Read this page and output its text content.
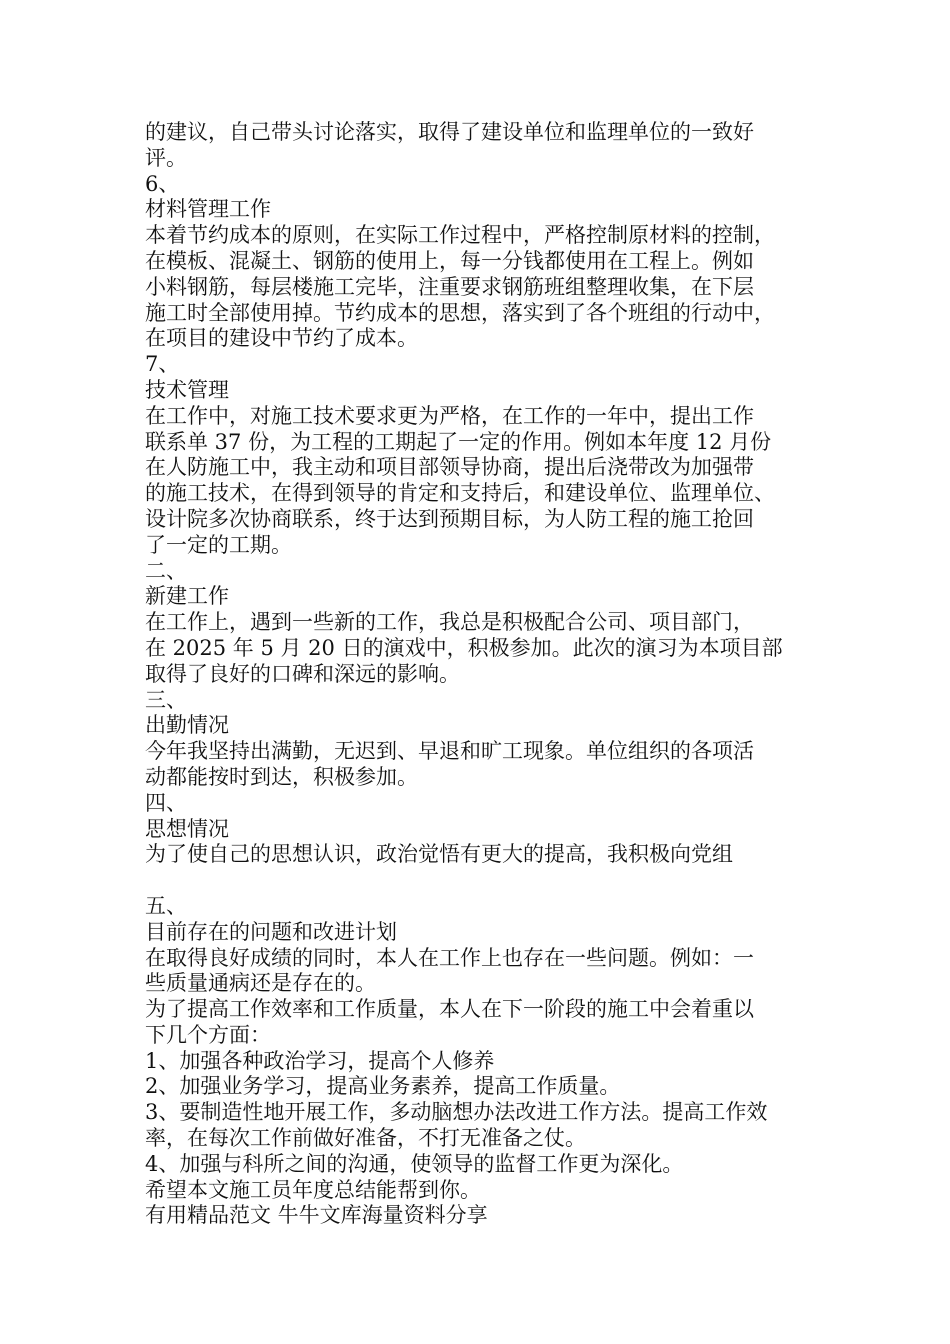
的建议，自己带头讨论落实，取得了建设单位和监理单位的一致好
评。
6、
材料管理工作
本着节约成本的原则，在实际工作过程中，严格控制原材料的控制，
在模板、混凝土、钢筋的使用上，每一分钱都使用在工程上。例如
小料钢筋，每层楼施工完毕，注重要求钢筋班组整理收集，在下层
施工时全部使用掉。节约成本的思想，落实到了各个班组的行动中，
在项目的建设中节约了成本。
7、
技术管理
在工作中，对施工技术要求更为严格，在工作的一年中，提出工作
联系单 37 份，为工程的工期起了一定的作用。例如本年度 12 月份
在人防施工中，我主动和项目部领导协商，提出后浇带改为加强带
的施工技术，在得到领导的肯定和支持后，和建设单位、监理单位、
设计院多次协商联系，终于达到预期目标，为人防工程的施工抢回
了一定的工期。
二、
新建工作
在工作上，遇到一些新的工作，我总是积极配合公司、项目部门，
在 2025 年 5 月 20 日的演戏中，积极参加。此次的演习为本项目部
取得了良好的口碑和深远的影响。
三、
出勤情况
今年我坚持出满勤，无迟到、早退和旷工现象。单位组织的各项活
动都能按时到达，积极参加。
四、
思想情况
为了使自己的思想认识，政治觉悟有更大的提高，我积极向党组
五、
目前存在的问题和改进计划
在取得良好成绩的同时，本人在工作上也存在一些问题。例如：一
些质量通病还是存在的。
为了提高工作效率和工作质量，本人在下一阶段的施工中会着重以
下几个方面：
1、加强各种政治学习，提高个人修养
2、加强业务学习，提高业务素养，提高工作质量。
3、要制造性地开展工作，多动脑想办法改进工作方法。提高工作效
率，在每次工作前做好准备，不打无准备之仗。
4、加强与科所之间的沟通，使领导的监督工作更为深化。
希望本文施工员年度总结能帮到你。
有用精品范文 牛牛文库海量资料分享
